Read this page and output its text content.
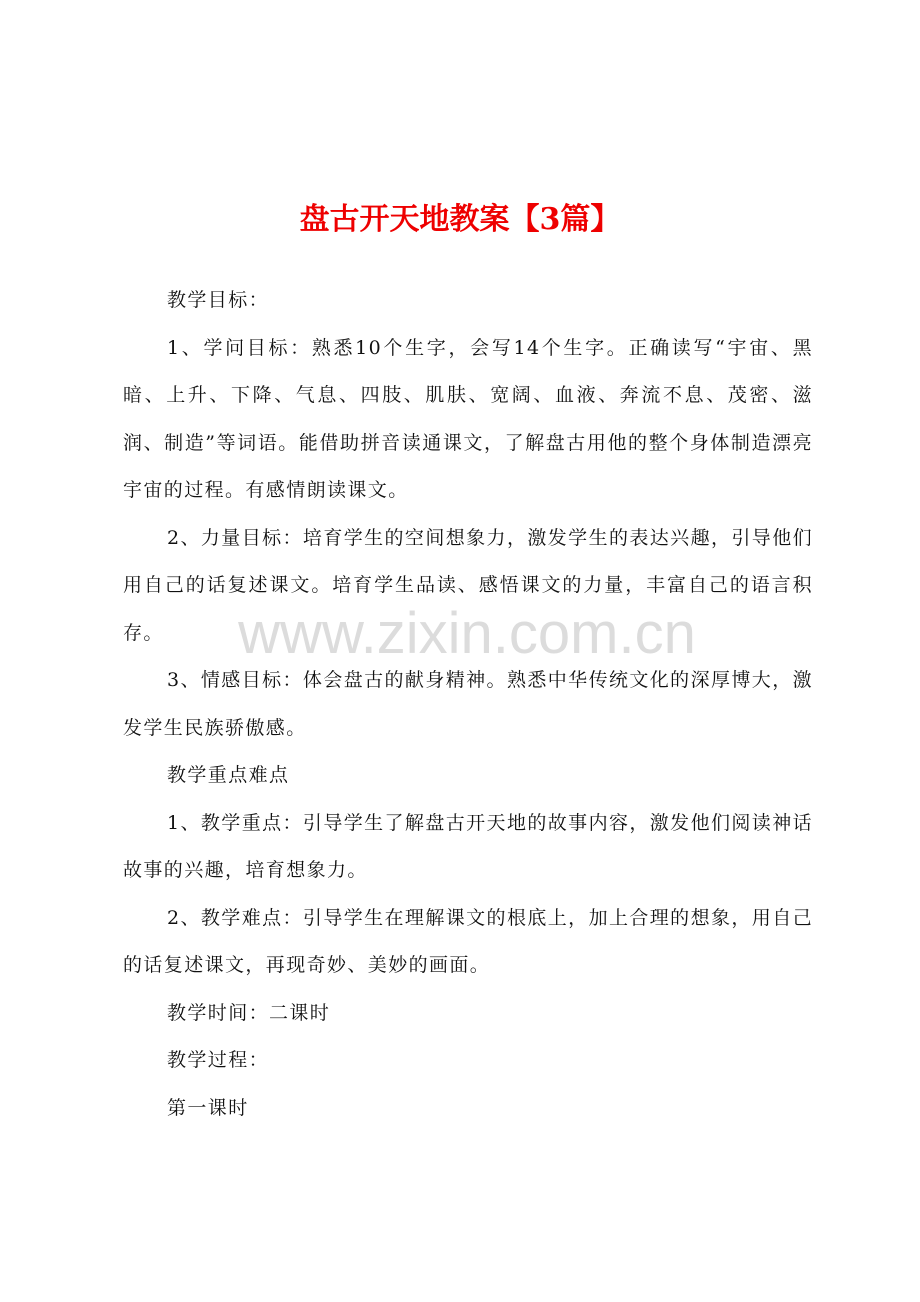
盘古开天地教案【3篇】

教学目标：

1、学问目标：熟悉10个生字，会写14个生字。正确读写“宇宙、黑暗、上升、下降、气息、四肢、肌肤、宽阔、血液、奔流不息、茂密、滋润、制造”等词语。能借助拼音读通课文，了解盘古用他的整个身体制造漂亮宇宙的过程。有感情朗读课文。

2、力量目标：培育学生的空间想象力，激发学生的表达兴趣，引导他们用自己的话复述课文。培育学生品读、感悟课文的力量，丰富自己的语言积存。

3、情感目标：体会盘古的献身精神。熟悉中华传统文化的深厚博大，激发学生民族骄傲感。

教学重点难点

1、教学重点：引导学生了解盘古开天地的故事内容，激发他们阅读神话故事的兴趣，培育想象力。

2、教学难点：引导学生在理解课文的根底上，加上合理的想象，用自己的话复述课文，再现奇妙、美妙的画面。

教学时间：二课时

教学过程：

第一课时

www.zixin.com.cn
